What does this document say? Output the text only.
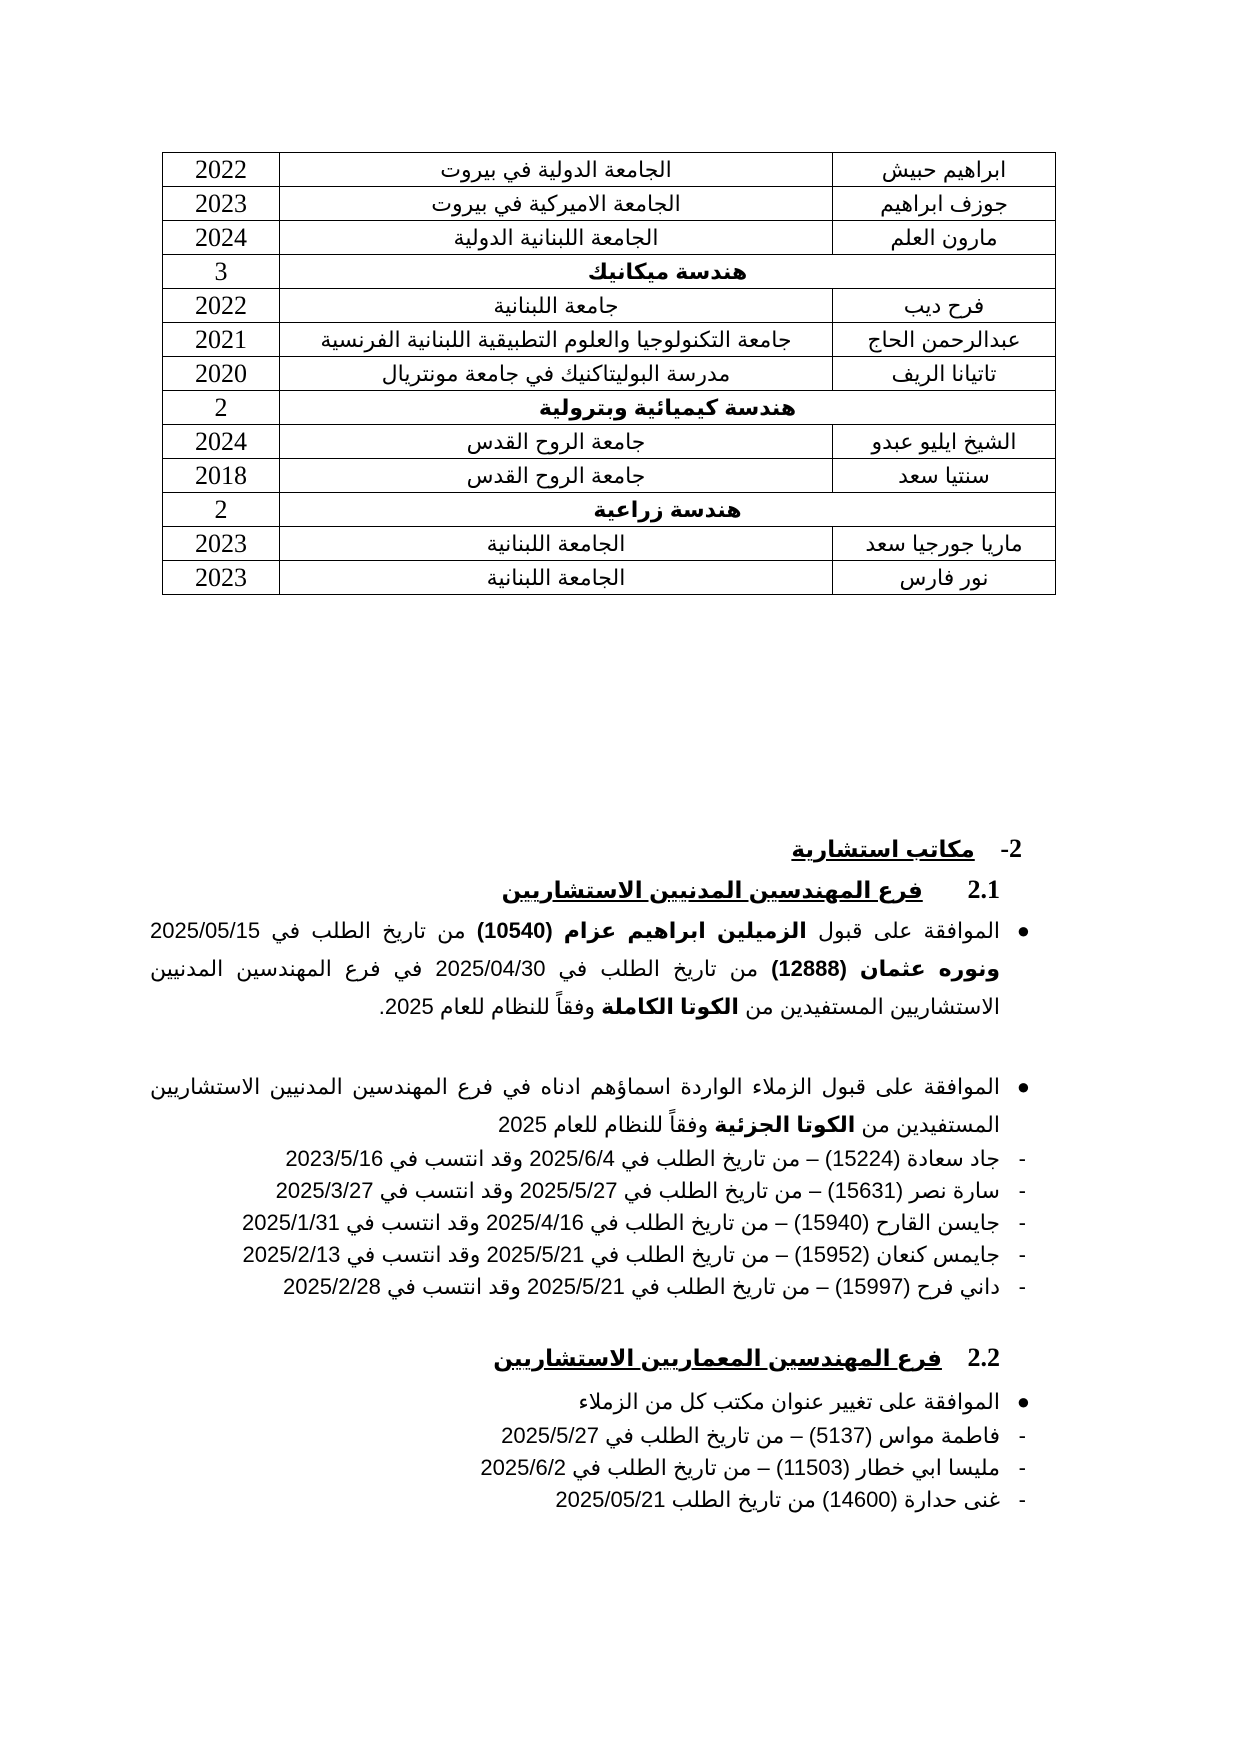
ابراهيم حبيش	الجامعة الدولية في بيروت	2022
جوزف ابراهيم	الجامعة الاميركية في بيروت	2023
مارون العلم	الجامعة اللبنانية الدولية	2024
هندسة ميكانيك		3
فرح ديب	جامعة اللبنانية	2022
عبدالرحمن الحاج	جامعة التكنولوجيا والعلوم التطبيقية اللبنانية الفرنسية	2021
تاتيانا الريف	مدرسة البوليتاكنيك في جامعة مونتريال	2020
هندسة كيميائية وبترولية		2
الشيخ ايليو عبدو	جامعة الروح القدس	2024
سنتيا سعد	جامعة الروح القدس	2018
هندسة زراعية		2
ماريا جورجيا سعد	الجامعة اللبنانية	2023
نور فارس	الجامعة اللبنانية	2023
2-    مكاتب استشارية
2.1       فرع المهندسين المدنيين الاستشاريين
●
الموافقة على قبول الزميلين ابراهيم عزام (10540) من تاريخ الطلب في 2025/05/15 ونوره عثمان (12888) من تاريخ الطلب في 2025/04/30 في فرع المهندسين المدنيين الاستشاريين المستفيدين من الكوتا الكاملة وفقاً للنظام للعام 2025.
●
الموافقة على قبول الزملاء الواردة اسماؤهم ادناه في فرع المهندسين المدنيين الاستشاريين المستفيدين من الكوتا الجزئية وفقاً للنظام للعام 2025
-
جاد سعادة (15224) – من تاريخ الطلب في 2025/6/4 وقد انتسب في 2023/5/16
-
سارة نصر (15631) – من تاريخ الطلب في 2025/5/27 وقد انتسب في 2025/3/27
-
جايسن القارح (15940) – من تاريخ الطلب في 2025/4/16 وقد انتسب في 2025/1/31
-
جايمس كنعان (15952) – من تاريخ الطلب في 2025/5/21 وقد انتسب في 2025/2/13
-
داني فرح (15997) – من تاريخ الطلب في 2025/5/21 وقد انتسب في 2025/2/28
2.2    فرع المهندسين المعماريين الاستشاريين
●
الموافقة على تغيير عنوان مكتب كل من الزملاء
-
فاطمة مواس (5137) – من تاريخ الطلب في 2025/5/27
-
مليسا ابي خطار (11503) – من تاريخ الطلب في 2025/6/2
-
غنى حدارة (14600) من تاريخ الطلب 2025/05/21
